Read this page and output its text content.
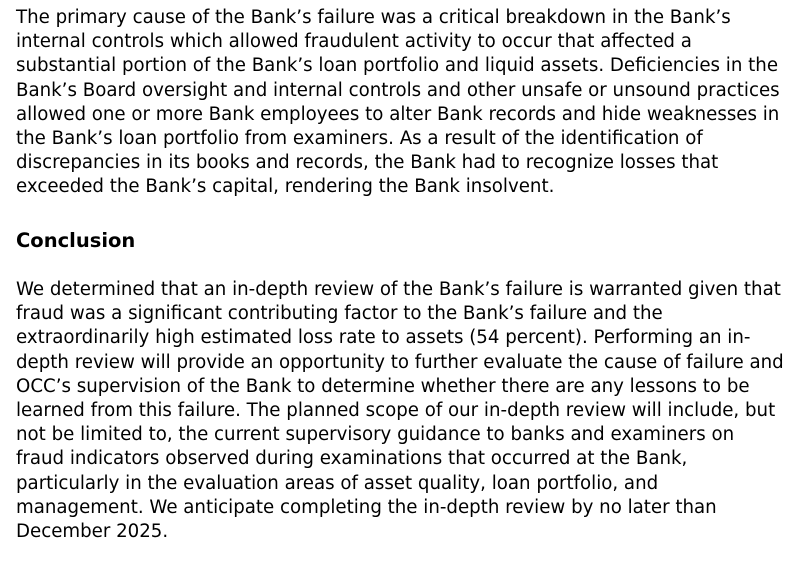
The primary cause of the Bank’s failure was a critical breakdown in the Bank’s
internal controls which allowed fraudulent activity to occur that affected a
substantial portion of the Bank’s loan portfolio and liquid assets. Deficiencies in the
Bank’s Board oversight and internal controls and other unsafe or unsound practices
allowed one or more Bank employees to alter Bank records and hide weaknesses in
the Bank’s loan portfolio from examiners. As a result of the identification of
discrepancies in its books and records, the Bank had to recognize losses that
exceeded the Bank’s capital, rendering the Bank insolvent.
Conclusion
We determined that an in-depth review of the Bank’s failure is warranted given that
fraud was a significant contributing factor to the Bank’s failure and the
extraordinarily high estimated loss rate to assets (54 percent). Performing an in-
depth review will provide an opportunity to further evaluate the cause of failure and
OCC’s supervision of the Bank to determine whether there are any lessons to be
learned from this failure. The planned scope of our in-depth review will include, but
not be limited to, the current supervisory guidance to banks and examiners on
fraud indicators observed during examinations that occurred at the Bank,
particularly in the evaluation areas of asset quality, loan portfolio, and
management. We anticipate completing the in-depth review by no later than
December 2025.
